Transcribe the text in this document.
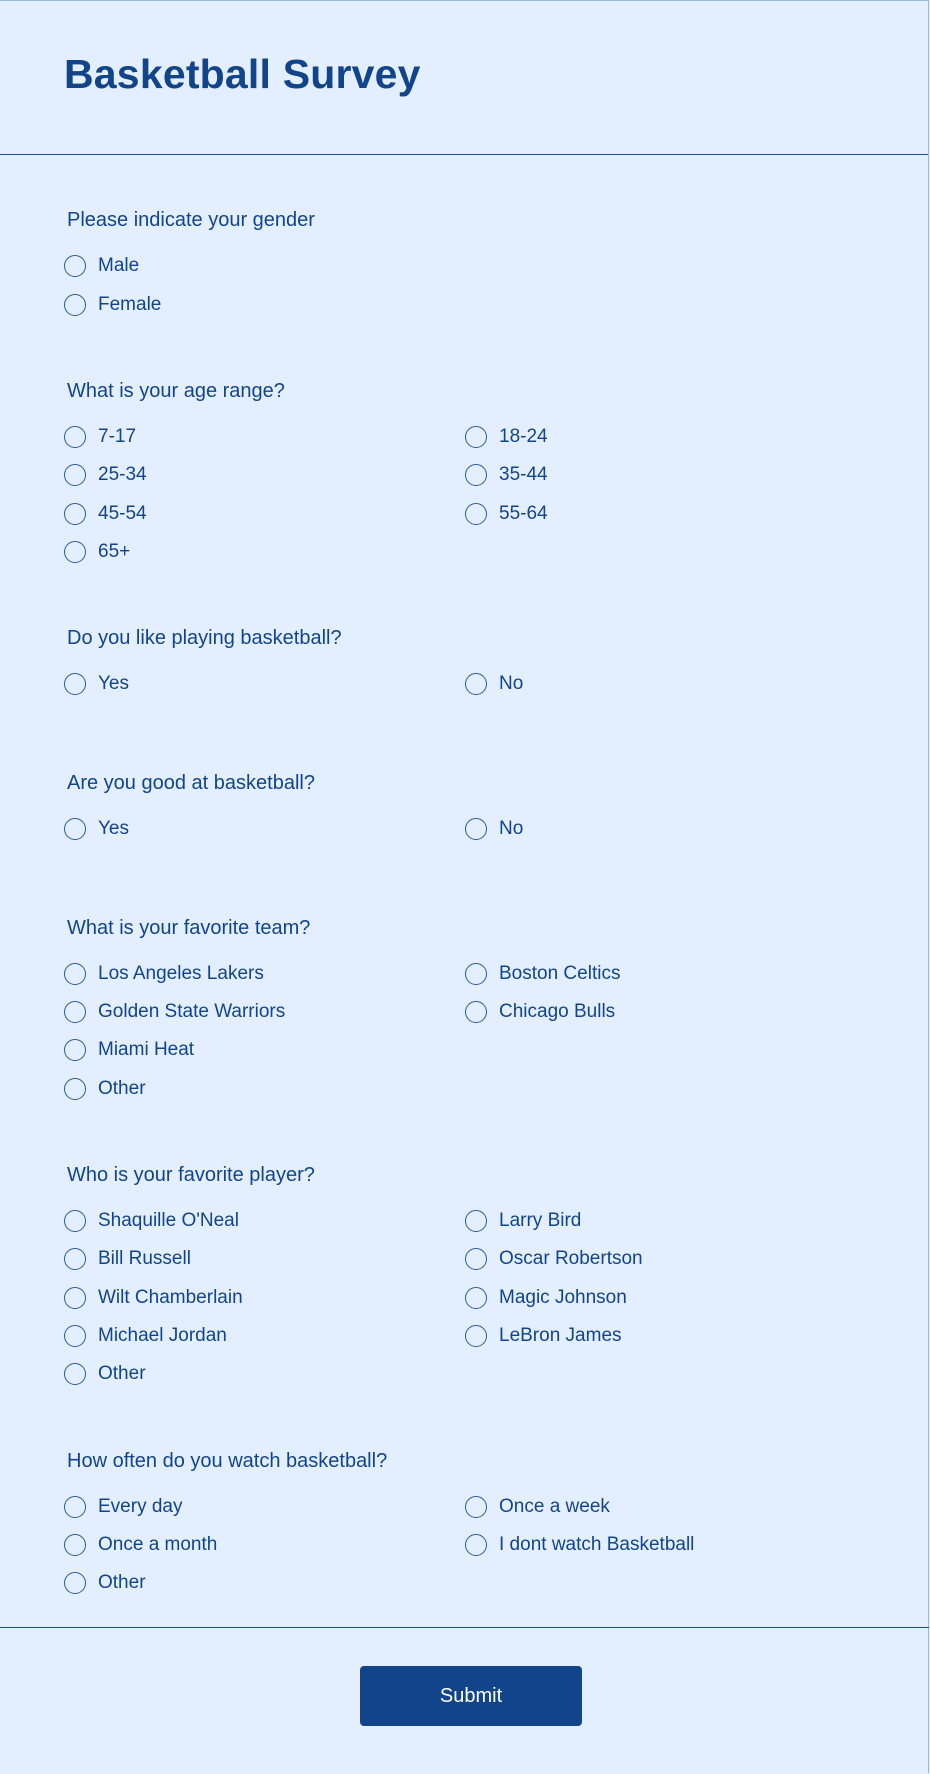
Basketball Survey
Please indicate your gender
Male
Female
What is your age range?
7-17	18-24
25-34	35-44
45-54	55-64
65+
Do you like playing basketball?
Yes	No
Are you good at basketball?
Yes	No
What is your favorite team?
Los Angeles Lakers	Boston Celtics
Golden State Warriors	Chicago Bulls
Miami Heat
Other
Who is your favorite player?
Shaquille O'Neal	Larry Bird
Bill Russell	Oscar Robertson
Wilt Chamberlain	Magic Johnson
Michael Jordan	LeBron James
Other
How often do you watch basketball?
Every day	Once a week
Once a month	I dont watch Basketball
Other
Submit
